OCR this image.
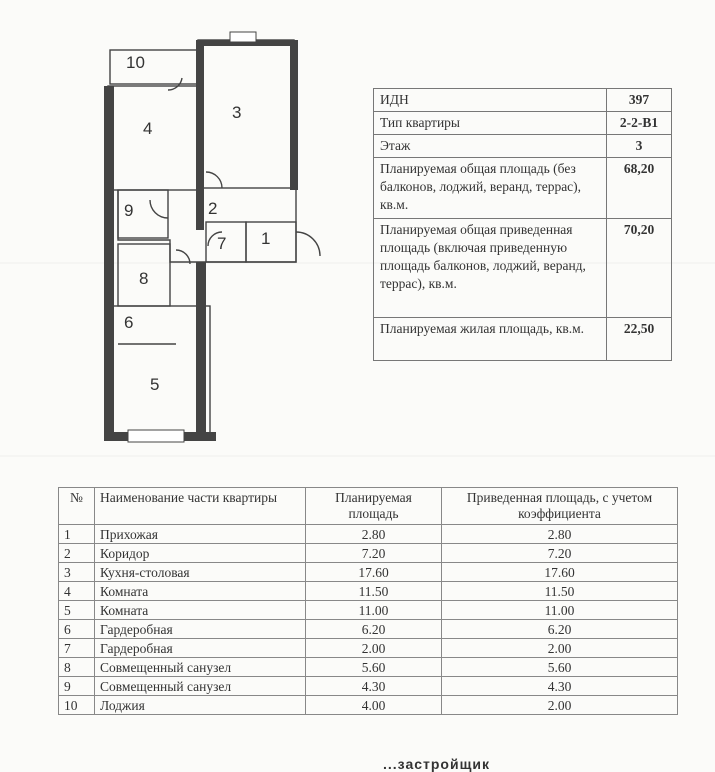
10
3
4
9	2
7 1
8
6
5
ИДН	397
Тип квартиры	2-2-В1
Этаж	3
Планируемая общая площадь (без балконов, лоджий, веранд, террас), кв.м.	68,20
Планируемая общая приведенная площадь (включая приведенную площадь балконов, лоджий, веранд, террас), кв.м.	70,20
Планируемая жилая площадь, кв.м.	22,50
№	Наименование части квартиры	Планируемая площадь	Приведенная площадь, с учетом коэффициента
1	Прихожая	2.80	2.80
2	Коридор	7.20	7.20
3	Кухня-столовая	17.60	17.60
4	Комната	11.50	11.50
5	Комната	11.00	11.00
6	Гардеробная	6.20	6.20
7	Гардеробная	2.00	2.00
8	Совмещенный санузел	5.60	5.60
9	Совмещенный санузел	4.30	4.30
10	Лоджия	4.00	2.00
...застройщик
